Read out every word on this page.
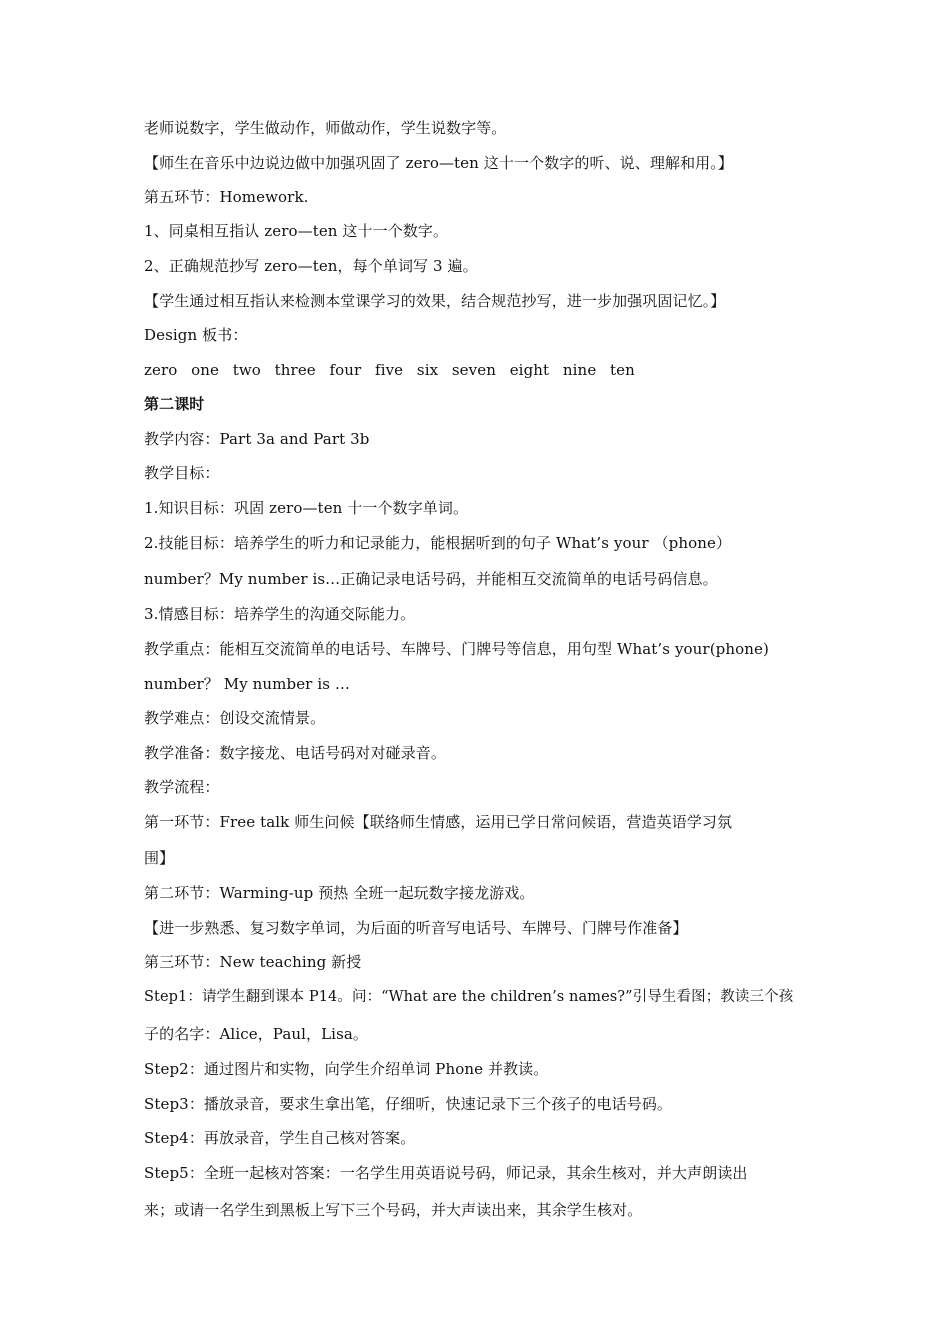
老师说数字，学生做动作，师做动作，学生说数字等。
【师生在音乐中边说边做中加强巩固了 zero—ten 这十一个数字的听、说、理解和用。】
第五环节：Homework.
1、同桌相互指认 zero—ten 这十一个数字。
2、正确规范抄写 zero—ten，每个单词写 3 遍。
【学生通过相互指认来检测本堂课学习的效果，结合规范抄写，进一步加强巩固记忆。】
Design 板书：
zero  one  two  three  four  five  six  seven  eight  nine  ten
第二课时
教学内容：Part 3a and Part 3b
教学目标：
1.知识目标：巩固 zero—ten 十一个数字单词。
2.技能目标：培养学生的听力和记录能力，能根据听到的句子 What’s your （phone）
number？My number is…正确记录电话号码，并能相互交流简单的电话号码信息。
3.情感目标：培养学生的沟通交际能力。
教学重点：能相互交流简单的电话号、车牌号、门牌号等信息，用句型 What’s your(phone)
number？ My number is …
教学难点：创设交流情景。
教学准备：数字接龙、电话号码对对碰录音。
教学流程：
第一环节：Free talk 师生问候【联络师生情感，运用已学日常问候语，营造英语学习氛
围】
第二环节：Warming-up 预热 全班一起玩数字接龙游戏。
【进一步熟悉、复习数字单词，为后面的听音写电话号、车牌号、门牌号作准备】
第三环节：New teaching 新授
Step1：请学生翻到课本 P14。问：“What are the children’s names?”引导生看图；教读三个孩
子的名字：Alice，Paul，Lisa。
Step2：通过图片和实物，向学生介绍单词 Phone 并教读。
Step3：播放录音，要求生拿出笔，仔细听，快速记录下三个孩子的电话号码。
Step4：再放录音，学生自己核对答案。
Step5：全班一起核对答案：一名学生用英语说号码，师记录，其余生核对，并大声朗读出
来；或请一名学生到黑板上写下三个号码，并大声读出来，其余学生核对。
